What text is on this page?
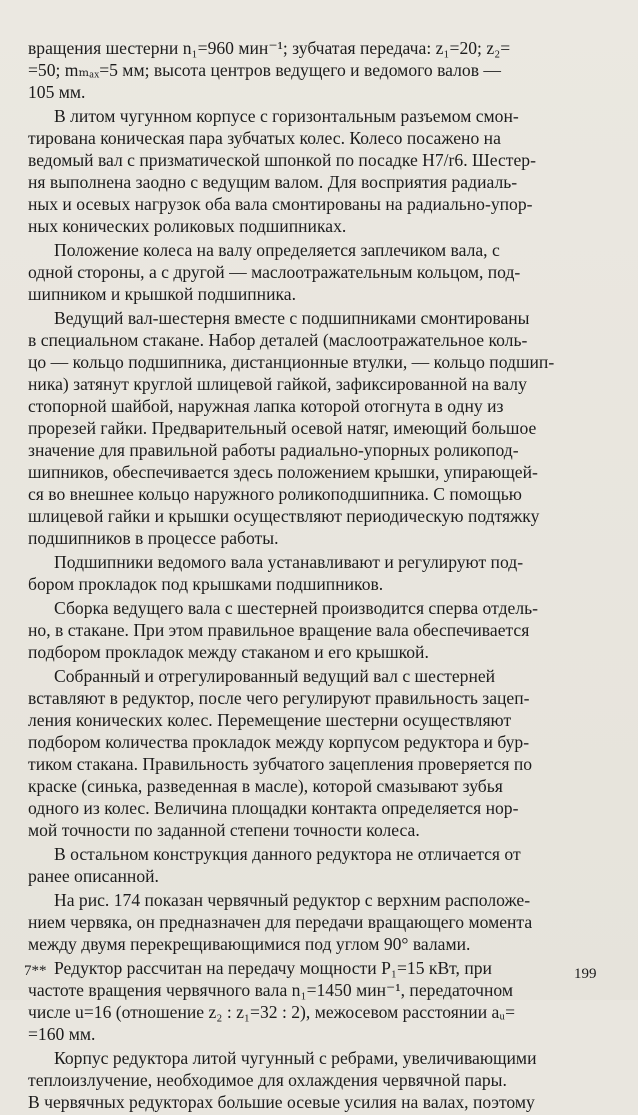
вращения шестерни n₁=960 мин⁻¹; зубчатая передача: z₁=20; z₂=
=50; mₘₐₓ=5 мм; высота центров ведущего и ведомого валов —
105 мм.
В литом чугунном корпусе с горизонтальным разъемом смон-
тирована коническая пара зубчатых колес. Колесо посажено на
ведомый вал с призматической шпонкой по посадке H7/r6. Шестер-
ня выполнена заодно с ведущим валом. Для восприятия радиаль-
ных и осевых нагрузок оба вала смонтированы на радиально-упор-
ных конических роликовых подшипниках.
Положение колеса на валу определяется заплечиком вала, с
одной стороны, а с другой — маслоотражательным кольцом, под-
шипником и крышкой подшипника.
Ведущий вал-шестерня вместе с подшипниками смонтированы
в специальном стакане. Набор деталей (маслоотражательное коль-
цо — кольцо подшипника, дистанционные втулки, — кольцо подшип-
ника) затянут круглой шлицевой гайкой, зафиксированной на валу
стопорной шайбой, наружная лапка которой отогнута в одну из
прорезей гайки. Предварительный осевой натяг, имеющий большое
значение для правильной работы радиально-упорных роликопод-
шипников, обеспечивается здесь положением крышки, упирающей-
ся во внешнее кольцо наружного роликоподшипника. С помощью
шлицевой гайки и крышки осуществляют периодическую подтяжку
подшипников в процессе работы.
Подшипники ведомого вала устанавливают и регулируют под-
бором прокладок под крышками подшипников.
Сборка ведущего вала с шестерней производится сперва отдель-
но, в стакане. При этом правильное вращение вала обеспечивается
подбором прокладок между стаканом и его крышкой.
Собранный и отрегулированный ведущий вал с шестерней
вставляют в редуктор, после чего регулируют правильность зацеп-
ления конических колес. Перемещение шестерни осуществляют
подбором количества прокладок между корпусом редуктора и бур-
тиком стакана. Правильность зубчатого зацепления проверяется по
краске (синька, разведенная в масле), которой смазывают зубья
одного из колес. Величина площадки контакта определяется нор-
мой точности по заданной степени точности колеса.
В остальном конструкция данного редуктора не отличается от
ранее описанной.
На рис. 174 показан червячный редуктор с верхним расположе-
нием червяка, он предназначен для передачи вращающего момента
между двумя перекрещивающимися под углом 90° валами.
Редуктор рассчитан на передачу мощности P₁=15 кВт, при
частоте вращения червячного вала n₁=1450 мин⁻¹, передаточном
числе u=16 (отношение z₂ : z₁=32 : 2), межосевом расстоянии aᵤ=
=160 мм.
Корпус редуктора литой чугунный с ребрами, увеличивающими
теплоизлучение, необходимое для охлаждения червячной пары.
В червячных редукторах большие осевые усилия на валах, поэтому
7**	199
